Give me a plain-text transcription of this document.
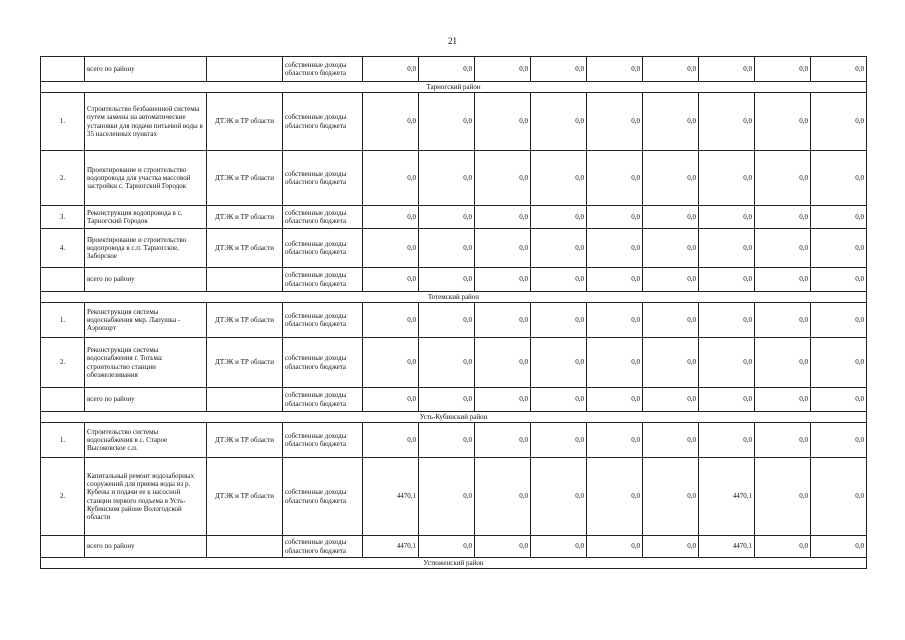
21
	всего по району		собственные доходы областного бюджета	0,0	0,0	0,0	0,0	0,0	0,0	0,0	0,0	0,0
Тарногский район												
1.	Строительство безбашенной системы путем замены на автоматические установки для подачи питьевой воды в 35 населенных пунктах	ДТЭК и ТР области	собственные доходы областного бюджета	0,0	0,0	0,0	0,0	0,0	0,0	0,0	0,0	0,0
2.	Проектирование и строительство водопровода для участка массовой застройки с. Тарногский Городок	ДТЭК и ТР области	собственные доходы областного бюджета	0,0	0,0	0,0	0,0	0,0	0,0	0,0	0,0	0,0
3.	Реконструкция водопровода в с. Тарногский Городок	ДТЭК и ТР области	собственные доходы областного бюджета	0,0	0,0	0,0	0,0	0,0	0,0	0,0	0,0	0,0
4.	Проектирование и строительство водопровода в с.п. Тарногское, Заборское	ДТЭК и ТР области	собственные доходы областного бюджета	0,0	0,0	0,0	0,0	0,0	0,0	0,0	0,0	0,0
	всего по району		собственные доходы областного бюджета	0,0	0,0	0,0	0,0	0,0	0,0	0,0	0,0	0,0
Тотемский район												
1.	Реконструкция системы водоснабжения мкр. Лапушка - Аэропорт	ДТЭК и ТР области	собственные доходы областного бюджета	0,0	0,0	0,0	0,0	0,0	0,0	0,0	0,0	0,0
2.	Реконструкция системы водоснабжения г. Тотьма: строительство станции обезжелезивания	ДТЭК и ТР области	собственные доходы областного бюджета	0,0	0,0	0,0	0,0	0,0	0,0	0,0	0,0	0,0
	всего по району		собственные доходы областного бюджета	0,0	0,0	0,0	0,0	0,0	0,0	0,0	0,0	0,0
Усть-Кубинский район												
1.	Строительство системы водоснабжения в с. Старое Высоковское с.п.	ДТЭК и ТР области	собственные доходы областного бюджета	0,0	0,0	0,0	0,0	0,0	0,0	0,0	0,0	0,0
2.	Капитальный ремонт водозаборных сооружений для приема воды из р. Кубены и подачи ее к насосной станции первого подъема в Усть-Кубинском районе Вологодской области	ДТЭК и ТР области	собственные доходы областного бюджета	4470,1	0,0	0,0	0,0	0,0	0,0	4470,1	0,0	0,0
	всего по району		собственные доходы областного бюджета	4470,1	0,0	0,0	0,0	0,0	0,0	4470,1	0,0	0,0
Устюженский район												
